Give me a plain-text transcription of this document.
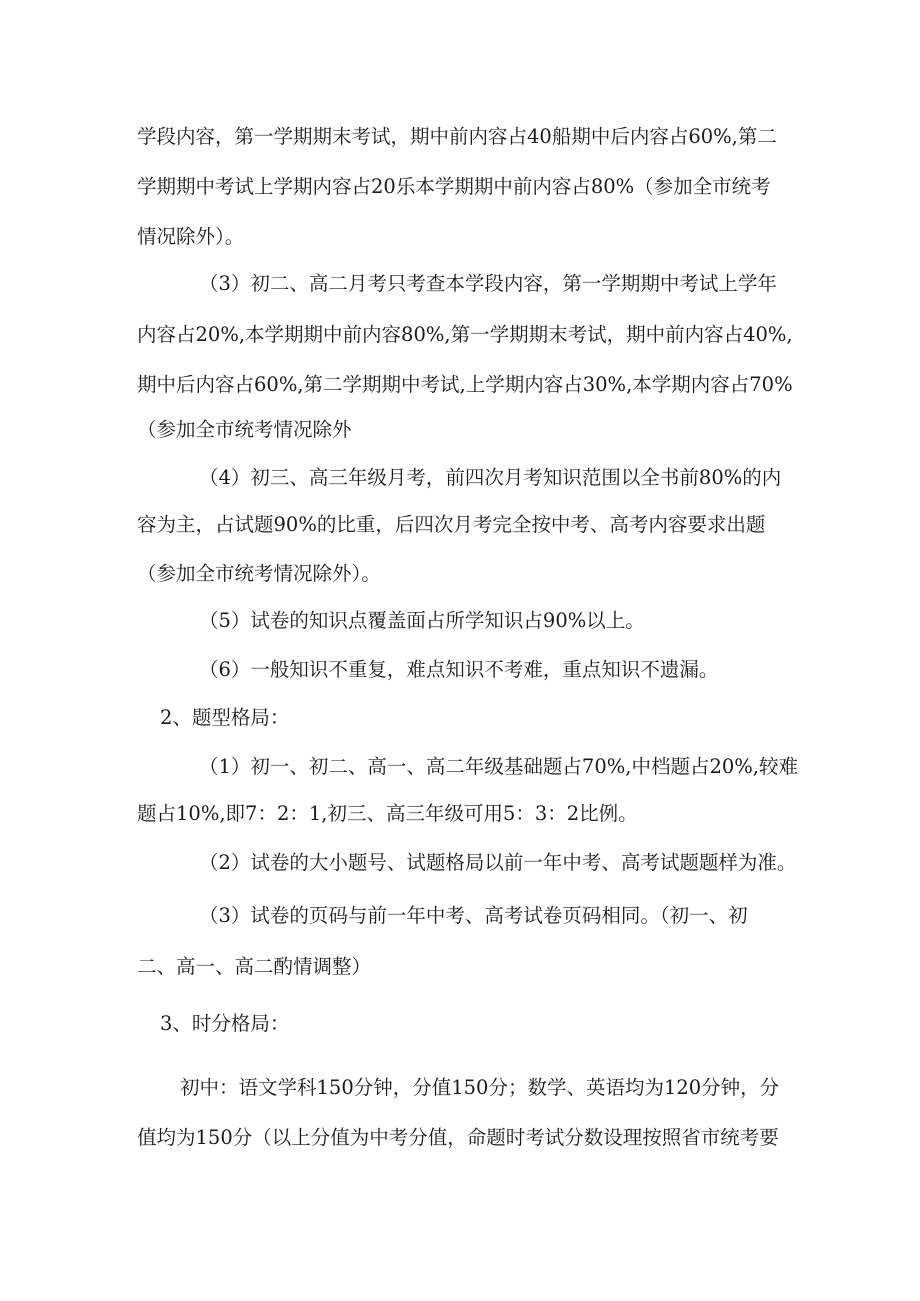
学段内容，第一学期期末考试，期中前内容占40船期中后内容占60%,第二
学期期中考试上学期内容占20乐本学期期中前内容占80%（参加全市统考
情况除外）。
（3）初二、高二月考只考查本学段内容，第一学期期中考试上学年
内容占20%,本学期期中前内容80%,第一学期期末考试，期中前内容占40%,
期中后内容占60%,第二学期期中考试,上学期内容占30%,本学期内容占70%
（参加全市统考情况除外
（4）初三、高三年级月考，前四次月考知识范围以全书前80%的内
容为主，占试题90%的比重，后四次月考完全按中考、高考内容要求出题
（参加全市统考情况除外）。
（5）试卷的知识点覆盖面占所学知识占90%以上。
（6）一般知识不重复，难点知识不考难，重点知识不遗漏。
2、题型格局：
（1）初一、初二、高一、高二年级基础题占70%,中档题占20%,较难
题占10%,即7：2：1,初三、高三年级可用5：3：2比例。
（2）试卷的大小题号、试题格局以前一年中考、高考试题题样为准。
（3）试卷的页码与前一年中考、高考试卷页码相同。（初一、初
二、高一、高二酌情调整）
3、时分格局：
初中：语文学科150分钟，分值150分；数学、英语均为120分钟，分
值均为150分（以上分值为中考分值，命题时考试分数设理按照省市统考要
